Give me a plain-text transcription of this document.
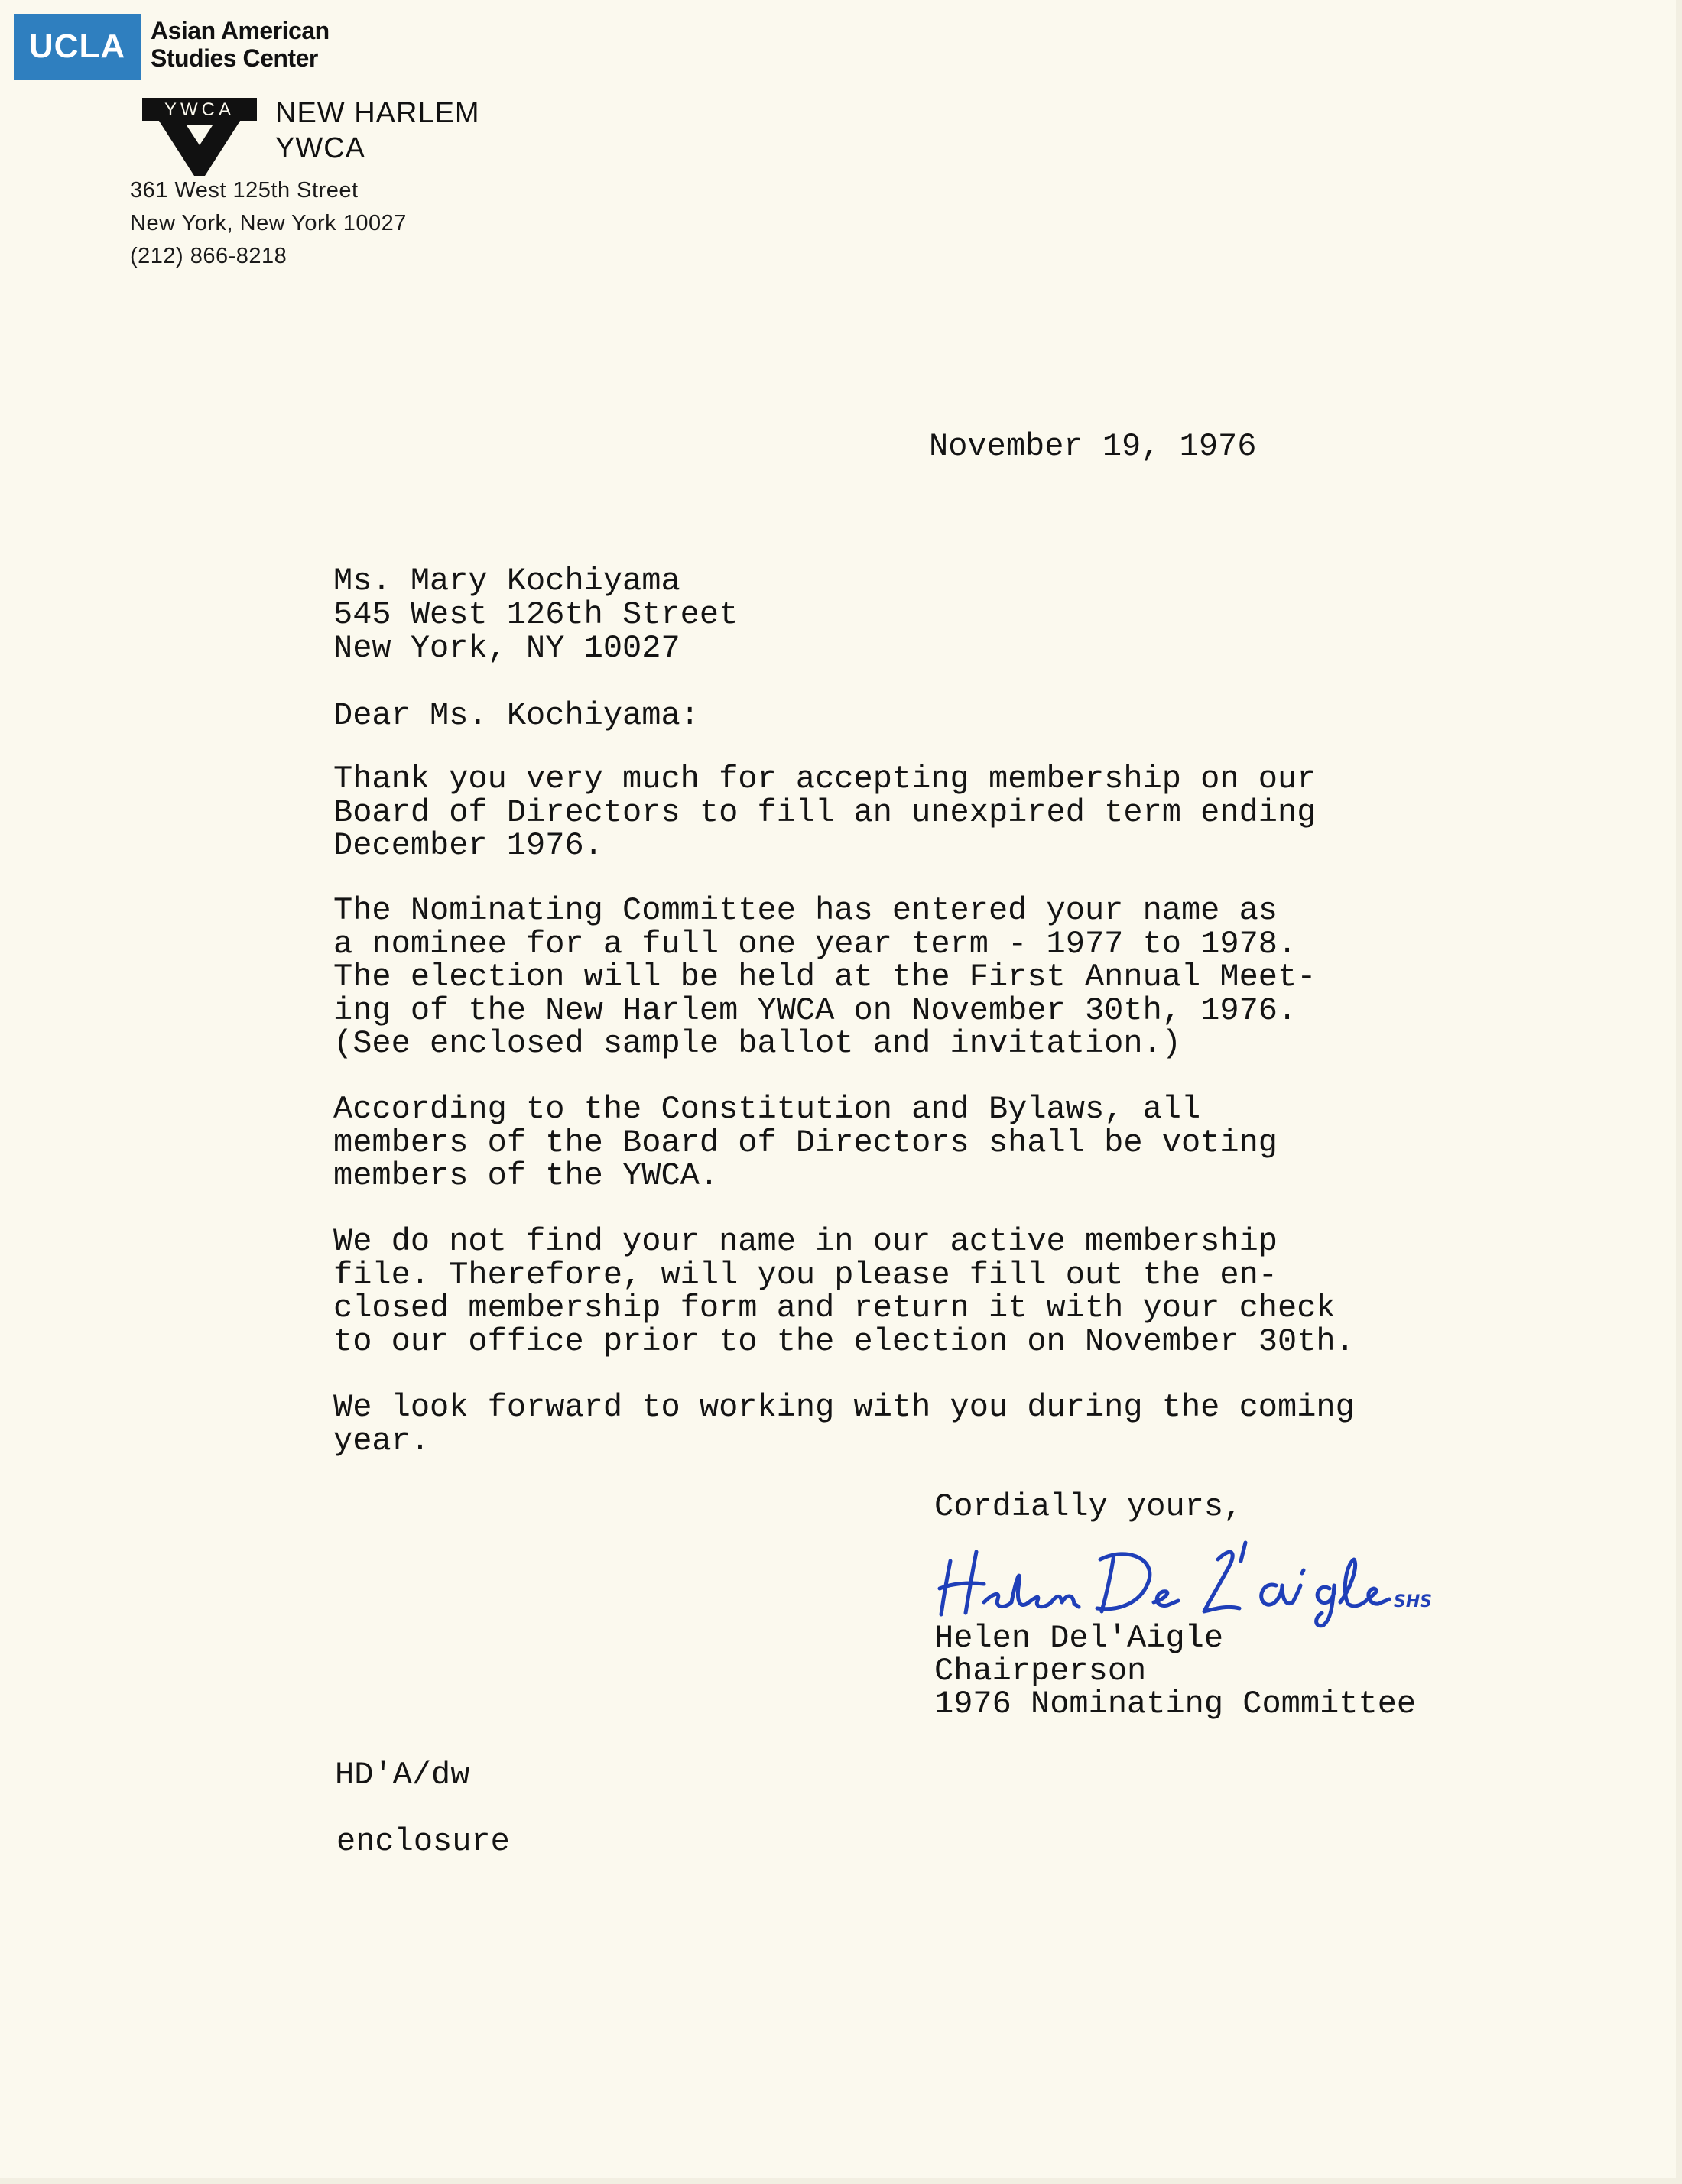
UCLA	Asian American
Studies Center
YWCA NEW HARLEM
YWCA
361 West 125th Street
New York, New York 10027
(212) 866-8218
November 19, 1976
Ms. Mary Kochiyama
545 West 126th Street
New York, NY 10027
Dear Ms. Kochiyama:
Thank you very much for accepting membership on our
Board of Directors to fill an unexpired term ending
December 1976.
The Nominating Committee has entered your name as
a nominee for a full one year term - 1977 to 1978.
The election will be held at the First Annual Meet-
ing of the New Harlem YWCA on November 30th, 1976.
(See enclosed sample ballot and invitation.)
According to the Constitution and Bylaws, all
members of the Board of Directors shall be voting
members of the YWCA.
We do not find your name in our active membership
file. Therefore, will you please fill out the en-
closed membership form and return it with your check
to our office prior to the election on November 30th.
We look forward to working with you during the coming
year.
Cordially yours,
SHS
Helen Del'Aigle
Chairperson
1976 Nominating Committee
HD'A/dw
enclosure
